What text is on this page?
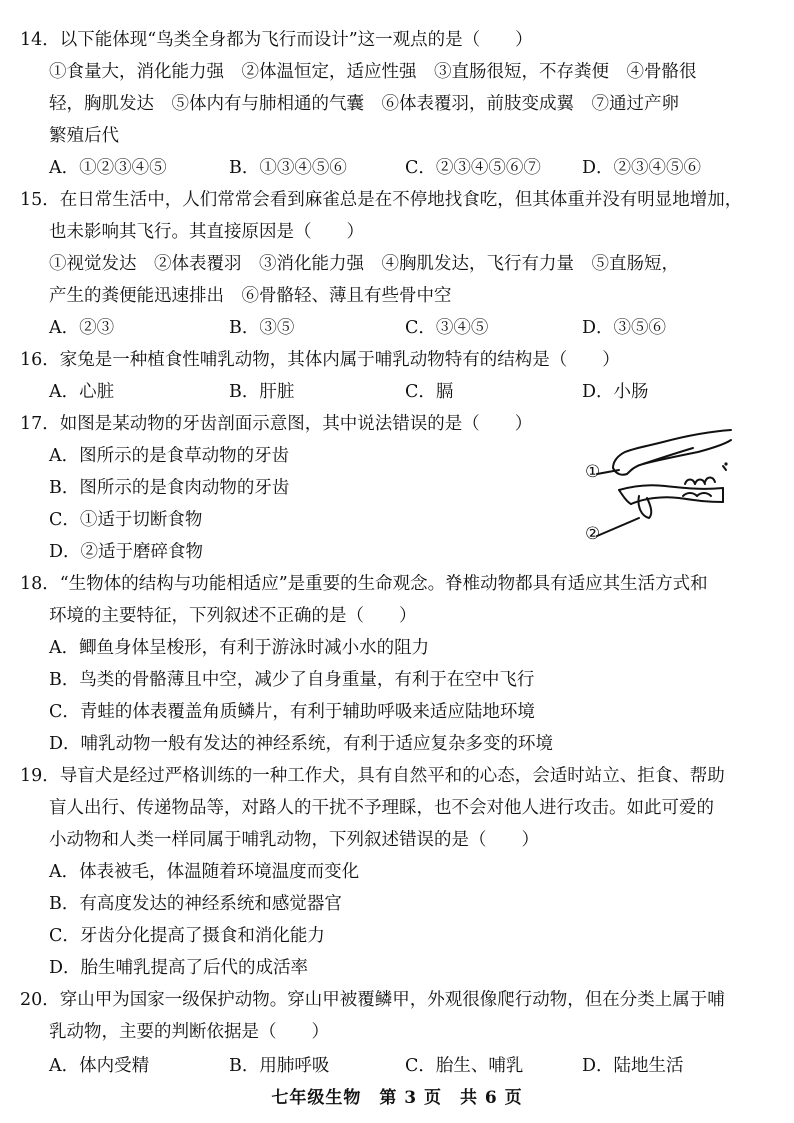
14．以下能体现“鸟类全身都为飞行而设计”这一观点的是（　　）
①食量大，消化能力强　②体温恒定，适应性强　③直肠很短，不存粪便　④骨骼很
轻，胸肌发达　⑤体内有与肺相通的气囊　⑥体表覆羽，前肢变成翼　⑦通过产卵
繁殖后代
A．①②③④⑤	B．①③④⑤⑥	C．②③④⑤⑥⑦ D．②③④⑤⑥
15．在日常生活中，人们常常会看到麻雀总是在不停地找食吃，但其体重并没有明显地增加，
也未影响其飞行。其直接原因是（　　）
①视觉发达　②体表覆羽　③消化能力强　④胸肌发达，飞行有力量　⑤直肠短，
产生的粪便能迅速排出　⑥骨骼轻、薄且有些骨中空
A．②③	B．③⑤	C．③④⑤	D．③⑤⑥
16．家兔是一种植食性哺乳动物，其体内属于哺乳动物特有的结构是（　　）
A．心脏	B．肝脏	C．膈	D．小肠
17．如图是某动物的牙齿剖面示意图，其中说法错误的是（　　）
A．图所示的是食草动物的牙齿
B．图所示的是食肉动物的牙齿
C．①适于切断食物
D．②适于磨碎食物
①
②
18．“生物体的结构与功能相适应”是重要的生命观念。脊椎动物都具有适应其生活方式和
环境的主要特征，下列叙述不正确的是（　　）
A．鲫鱼身体呈梭形，有利于游泳时减小水的阻力
B．鸟类的骨骼薄且中空，减少了自身重量，有利于在空中飞行
C．青蛙的体表覆盖角质鳞片，有利于辅助呼吸来适应陆地环境
D．哺乳动物一般有发达的神经系统，有利于适应复杂多变的环境
19．导盲犬是经过严格训练的一种工作犬，具有自然平和的心态，会适时站立、拒食、帮助
盲人出行、传递物品等，对路人的干扰不予理睬，也不会对他人进行攻击。如此可爱的
小动物和人类一样同属于哺乳动物，下列叙述错误的是（　　）
A．体表被毛，体温随着环境温度而变化
B．有高度发达的神经系统和感觉器官
C．牙齿分化提高了摄食和消化能力
D．胎生哺乳提高了后代的成活率
20．穿山甲为国家一级保护动物。穿山甲被覆鳞甲，外观很像爬行动物，但在分类上属于哺
乳动物，主要的判断依据是（　　）
A．体内受精	B．用肺呼吸	C．胎生、哺乳	D．陆地生活
七年级生物　第 3 页　共 6 页
